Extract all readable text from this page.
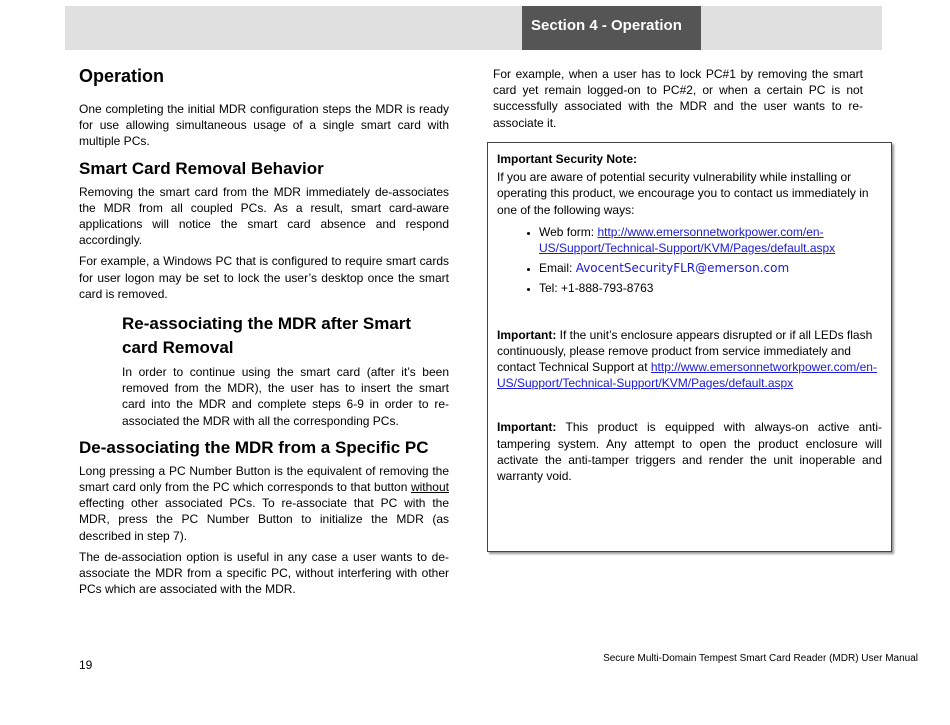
Section 4 - Operation
Operation

One completing the initial MDR configuration steps the MDR is ready for use allowing simultaneous usage of a single smart card with multiple PCs.

Smart Card Removal Behavior

Removing the smart card from the MDR immediately de-associates the MDR from all coupled PCs. As a result, smart card-aware applications will notice the smart card absence and respond accordingly.

For example, a Windows PC that is configured to require smart cards for user logon may be set to lock the user’s desktop once the smart card is removed.

Re-associating the MDR after Smart card Removal

In order to continue using the smart card (after it’s been removed from the MDR), the user has to insert the smart card into the MDR and complete steps 6-9 in order to re-associated the MDR with all the corresponding PCs.

De-associating the MDR from a Specific PC

Long pressing a PC Number Button is the equivalent of removing the smart card only from the PC which corresponds to that button without effecting other associated PCs. To re-associate that PC with the MDR, press the PC Number Button to initialize the MDR (as described in step 7).

The de-association option is useful in any case a user wants to de-associate the MDR from a specific PC, without interfering with other PCs which are associated with the MDR.

For example, when a user has to lock PC#1 by removing the smart card yet remain logged-on to PC#2, or when a certain PC is not successfully associated with the MDR and the user wants to re-associate it.

Important Security Note:

If you are aware of potential security vulnerability while installing or operating this product, we encourage you to contact us immediately in one of the following ways:

• Web form: http://www.emersonnetworkpower.com/en-US/Support/Technical-Support/KVM/Pages/default.aspx
• Email: AvocentSecurityFLR@emerson.com
• Tel: +1-888-793-8763

Important: If the unit’s enclosure appears disrupted or if all LEDs flash continuously, please remove product from service immediately and contact Technical Support at http://www.emersonnetworkpower.com/en-US/Support/Technical-Support/KVM/Pages/default.aspx

Important: This product is equipped with always-on active anti-tampering system. Any attempt to open the product enclosure will activate the anti-tamper triggers and render the unit inoperable and warranty void.

19	Secure Multi-Domain Tempest Smart Card Reader (MDR) User Manual
